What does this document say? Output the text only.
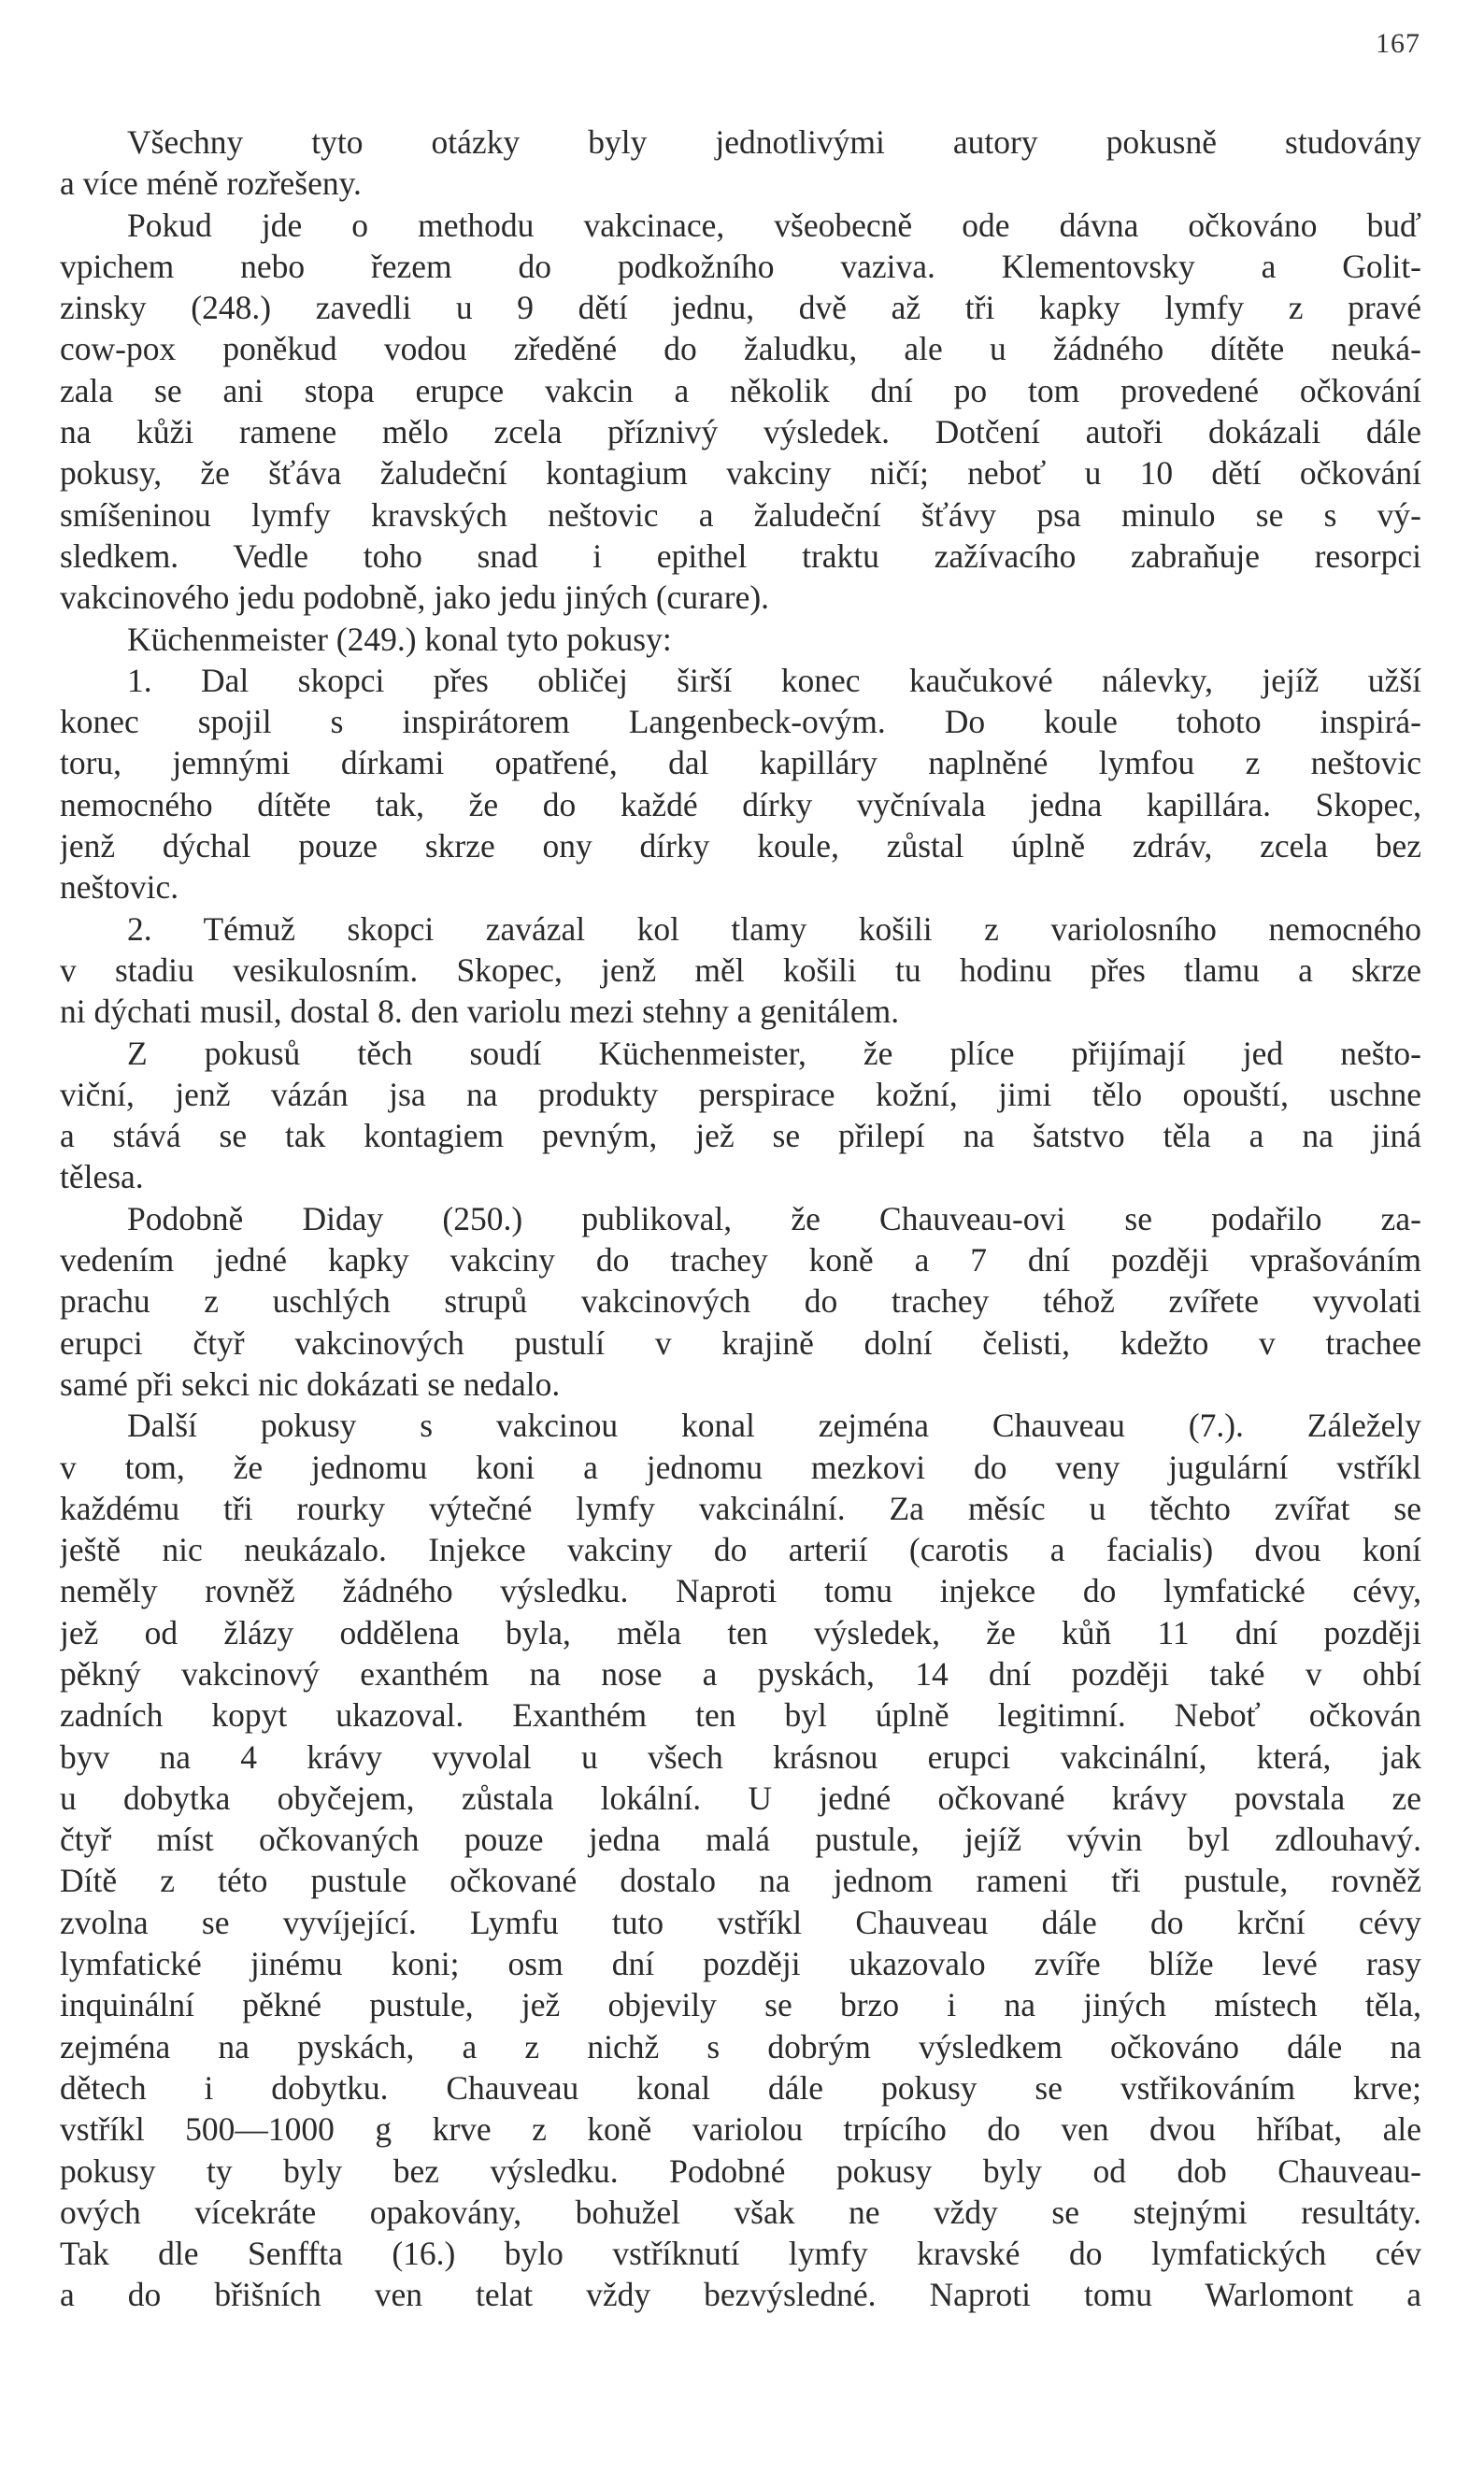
167
Všechny tyto otázky byly jednotlivými autory pokusně studovány
a více méně rozřešeny.
Pokud jde o methodu vakcinace, všeobecně ode dávna očkováno buď
vpichem nebo řezem do podkožního vaziva. Klementovsky a Golit-
zinsky (248.) zavedli u 9 dětí jednu, dvě až tři kapky lymfy z pravé
cow-pox poněkud vodou zředěné do žaludku, ale u žádného dítěte neuká-
zala se ani stopa erupce vakcin a několik dní po tom provedené očkování
na kůži ramene mělo zcela příznivý výsledek. Dotčení autoři dokázali dále
pokusy, že šťáva žaludeční kontagium vakciny ničí; neboť u 10 dětí očkování
smíšeninou lymfy kravských neštovic a žaludeční šťávy psa minulo se s vý-
sledkem. Vedle toho snad i epithel traktu zažívacího zabraňuje resorpci
vakcinového jedu podobně, jako jedu jiných (curare).
Küchenmeister (249.) konal tyto pokusy:
1. Dal skopci přes obličej širší konec kaučukové nálevky, jejíž užší
konec spojil s inspirátorem Langenbeck-ovým. Do koule tohoto inspirá-
toru, jemnými dírkami opatřené, dal kapilláry naplněné lymfou z neštovic
nemocného dítěte tak, že do každé dírky vyčnívala jedna kapillára. Skopec,
jenž dýchal pouze skrze ony dírky koule, zůstal úplně zdráv, zcela bez
neštovic.
2. Témuž skopci zavázal kol tlamy košili z variolosního nemocného
v stadiu vesikulosním. Skopec, jenž měl košili tu hodinu přes tlamu a skrze
ni dýchati musil, dostal 8. den variolu mezi stehny a genitálem.
Z pokusů těch soudí Küchenmeister, že plíce přijímají jed nešto-
viční, jenž vázán jsa na produkty perspirace kožní, jimi tělo opouští, uschne
a stává se tak kontagiem pevným, jež se přilepí na šatstvo těla a na jiná
tělesa.
Podobně Diday (250.) publikoval, že Chauveau-ovi se podařilo za-
vedením jedné kapky vakciny do trachey koně a 7 dní později vprašováním
prachu z uschlých strupů vakcinových do trachey téhož zvířete vyvolati
erupci čtyř vakcinových pustulí v krajině dolní čelisti, kdežto v trachee
samé při sekci nic dokázati se nedalo.
Další pokusy s vakcinou konal zejména Chauveau (7.). Záležely
v tom, že jednomu koni a jednomu mezkovi do veny jugulární vstříkl
každému tři rourky výtečné lymfy vakcinální. Za měsíc u těchto zvířat se
ještě nic neukázalo. Injekce vakciny do arterií (carotis a facialis) dvou koní
neměly rovněž žádného výsledku. Naproti tomu injekce do lymfatické cévy,
jež od žlázy oddělena byla, měla ten výsledek, že kůň 11 dní později
pěkný vakcinový exanthém na nose a pyskách, 14 dní později také v ohbí
zadních kopyt ukazoval. Exanthém ten byl úplně legitimní. Neboť očkován
byv na 4 krávy vyvolal u všech krásnou erupci vakcinální, která, jak
u dobytka obyčejem, zůstala lokální. U jedné očkované krávy povstala ze
čtyř míst očkovaných pouze jedna malá pustule, jejíž vývin byl zdlouhavý.
Dítě z této pustule očkované dostalo na jednom rameni tři pustule, rovněž
zvolna se vyvíjející. Lymfu tuto vstříkl Chauveau dále do krční cévy
lymfatické jinému koni; osm dní později ukazovalo zvíře blíže levé rasy
inquinální pěkné pustule, jež objevily se brzo i na jiných místech těla,
zejména na pyskách, a z nichž s dobrým výsledkem očkováno dále na
dětech i dobytku. Chauveau konal dále pokusy se vstřikováním krve;
vstříkl 500—1000 g krve z koně variolou trpícího do ven dvou hříbat, ale
pokusy ty byly bez výsledku. Podobné pokusy byly od dob Chauveau-
ových vícekráte opakovány, bohužel však ne vždy se stejnými resultáty.
Tak dle Senffta (16.) bylo vstříknutí lymfy kravské do lymfatických cév
a do břišních ven telat vždy bezvýsledné. Naproti tomu Warlomont a
